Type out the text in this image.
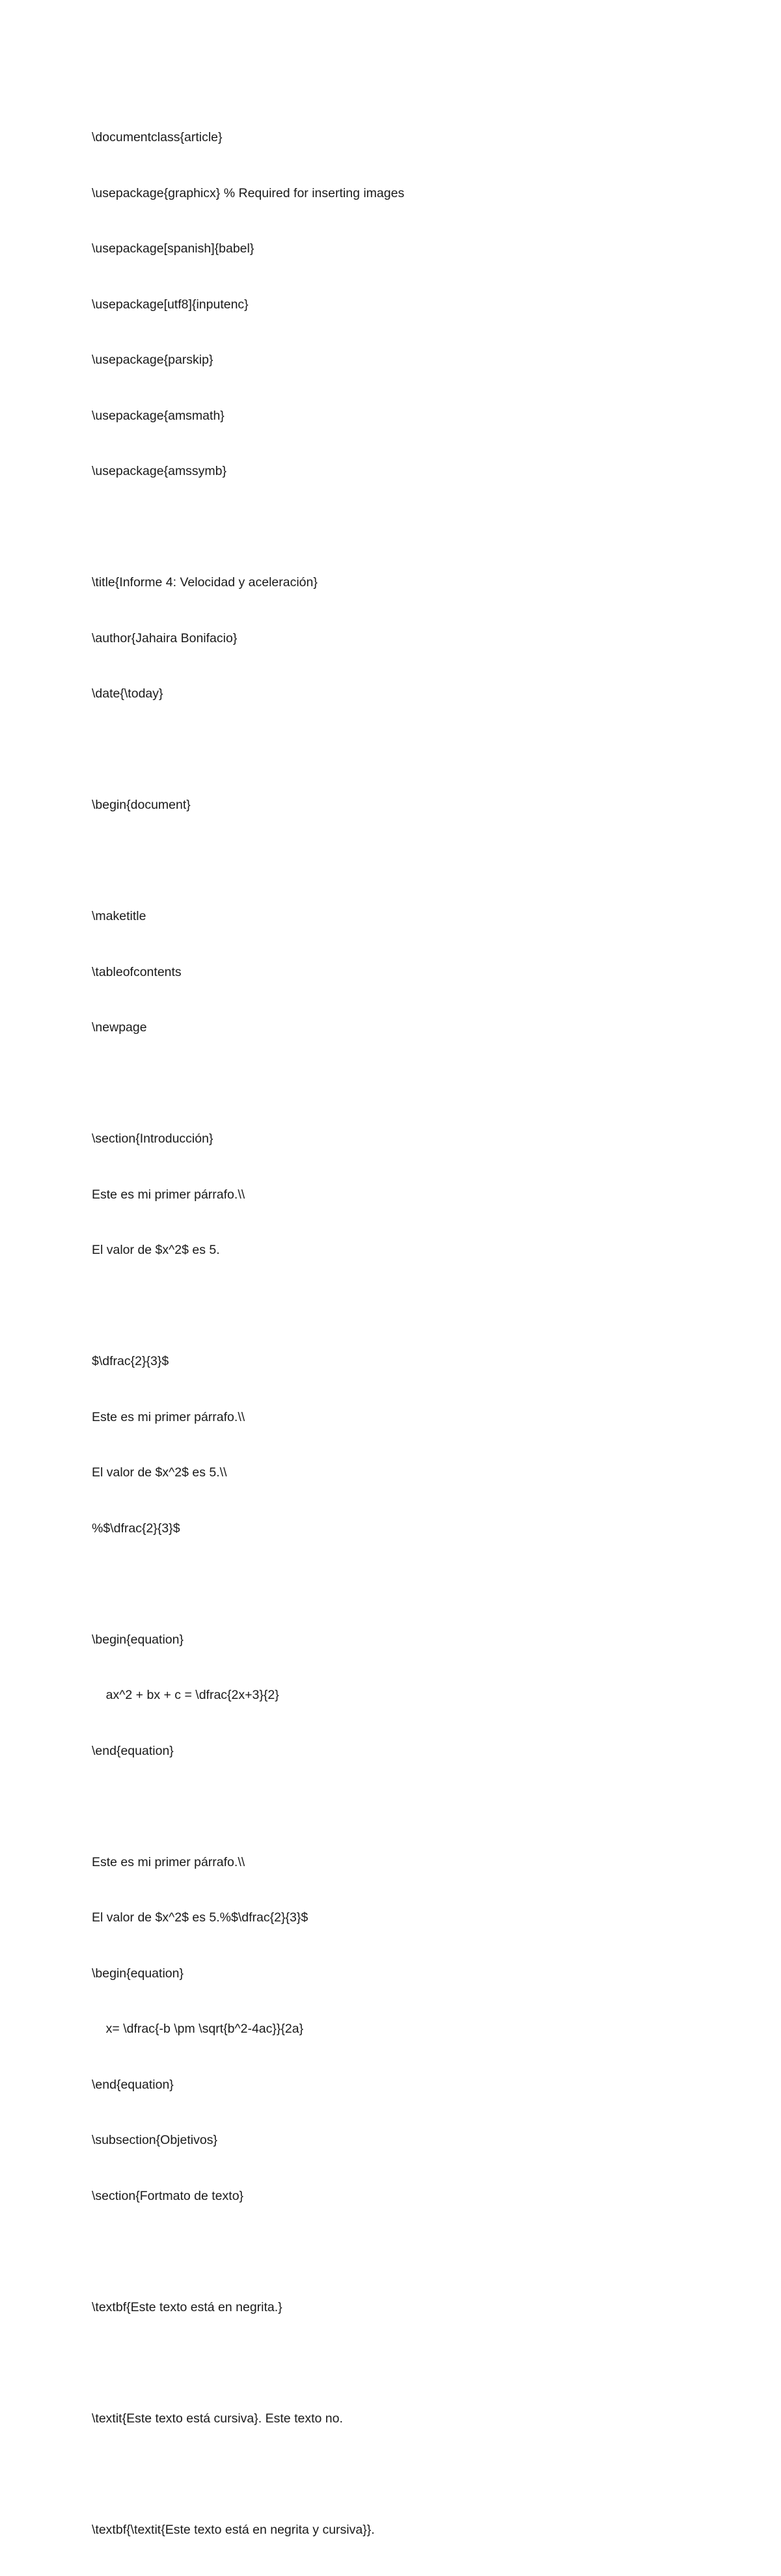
\documentclass{article}

\usepackage{graphicx} % Required for inserting images

\usepackage[spanish]{babel}

\usepackage[utf8]{inputenc}

\usepackage{parskip}

\usepackage{amsmath}

\usepackage{amssymb}

\title{Informe 4: Velocidad y aceleración}

\author{Jahaira Bonifacio}

\date{\today}

\begin{document}

\maketitle

\tableofcontents

\newpage

\section{Introducción}

Este es mi primer párrafo.\\

El valor de $x^2$ es 5.

$\dfrac{2}{3}$

Este es mi primer párrafo.\\

El valor de $x^2$ es 5.\\

%$\dfrac{2}{3}$

\begin{equation}

ax^2 + bx + c = \dfrac{2x+3}{2}

\end{equation}

Este es mi primer párrafo.\\

El valor de $x^2$ es 5.%$\dfrac{2}{3}$

\begin{equation}

x= \dfrac{-b \pm \sqrt{b^2-4ac}}{2a}

\end{equation}

\subsection{Objetivos}

\section{Fortmato de texto}

\textbf{Este texto está en negrita.}

\textit{Este texto está cursiva}. Este texto no.

\textbf{\textit{Este texto está en negrita y cursiva}}.
